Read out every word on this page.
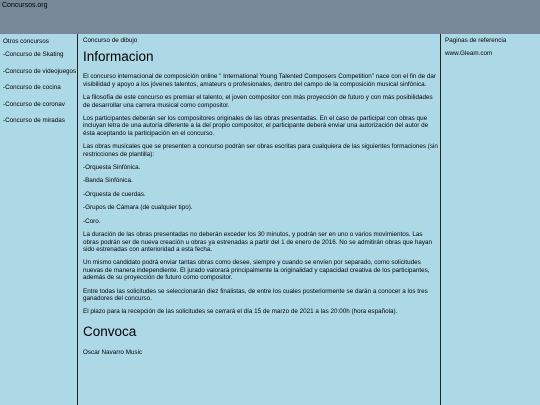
Concursos.org
Otros concursos
-Concurso de Skating
-Concurso de videojuegos
-Concurso de cocina
-Concurso de coronav
-Concurso de miradas
Concurso de dibujo
Informacion

El concurso internacional de composición online " International Young Talented Composers Competition" nace con el fin de dar visibilidad y apoyo a los jóvenes talentos, amateurs o profesionales, dentro del campo de la composición musical sinfónica.

La filosofía de este concurso es premiar el talento, el joven compositor con más proyección de futuro y con más posibilidades de desarrollar una carrera musical como compositor.

Los participantes deberán ser los compositores originales de las obras presentadas. En el caso de participar con obras que incluyan letra de una autoría diferente a la del propio compositor, el participante deberá enviar una autorización del autor de ésta aceptando la participación en el concurso.

Las obras musicales que se presenten a concurso podrán ser obras escritas para cualquiera de las siguientes formaciones (sin restricciones de plantilla):

-Orquesta Sinfónica.

-Banda Sinfónica.

-Orquesta de cuerdas.

-Grupos de Cámara (de cualquier tipo).

-Coro.

La duración de las obras presentadas no deberán exceder los 30 minutos, y podrán ser en uno o varios movimientos. Las obras podrán ser de nueva creación u obras ya estrenadas a partir del 1 de enero de 2016. No se admitirán obras que hayan sido estrenadas con anterioridad a esta fecha.

Un mismo candidato podrá enviar tantas obras como desee, siempre y cuando se envíen por separado, como solicitudes nuevas de manera independiente. El jurado valorará principalmente la originalidad y capacidad creativa de los participantes, además de su proyección de futuro como compositor.

Entre todas las solicitudes se seleccionarán diez finalistas, de entre los cuales posteriormente se darán a conocer a los tres ganadores del concurso.

El plazo para la recepción de las solicitudes se cerrará el día 15 de marzo de 2021 a las 20:00h (hora española).

Convoca

Oscar Navarro Music

Paginas de referencia
www.Gleam.com
